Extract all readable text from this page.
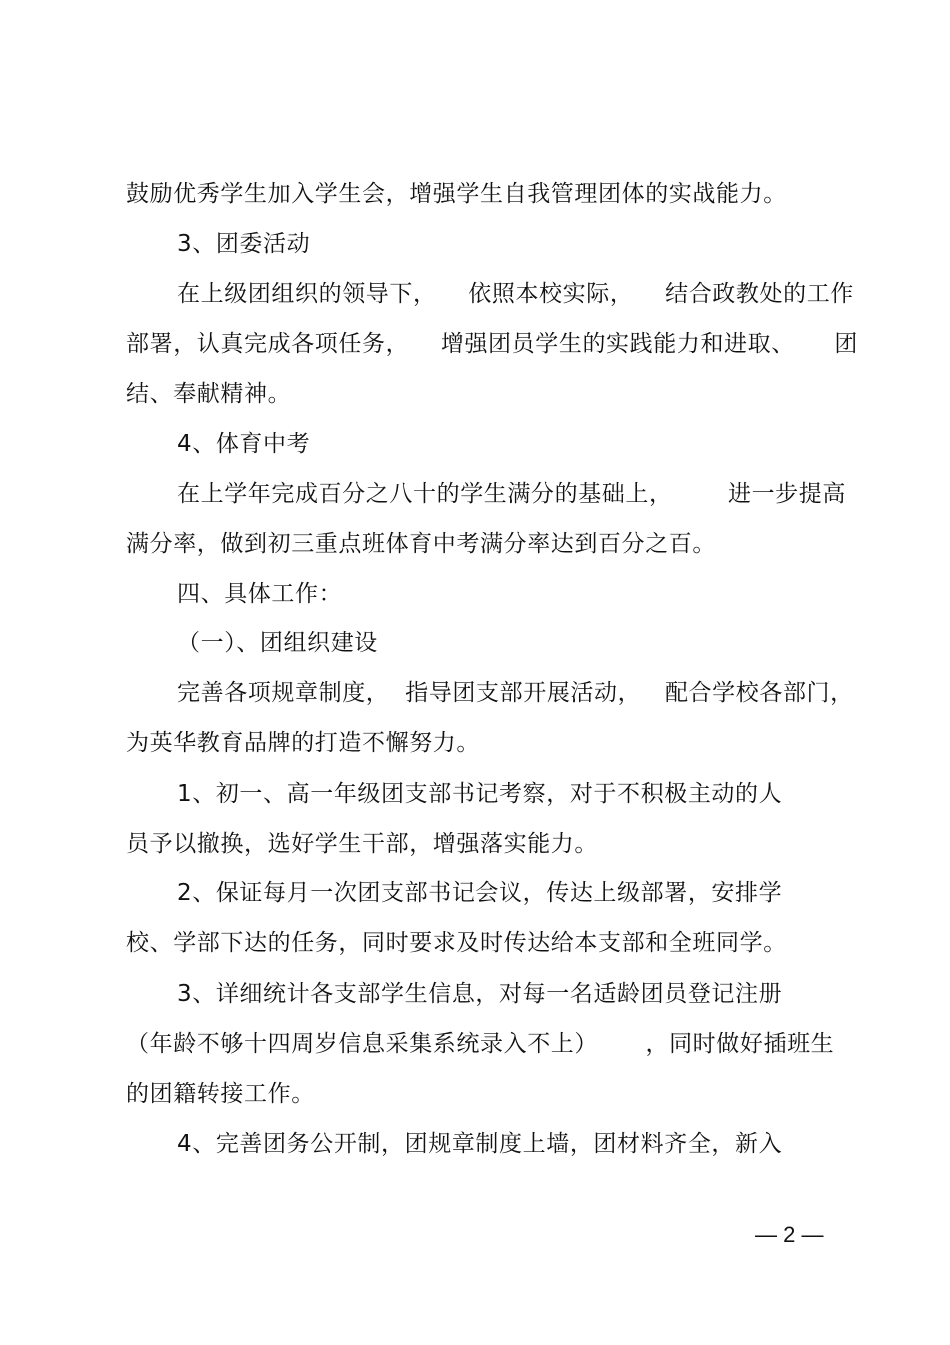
鼓励优秀学生加入学生会，增强学生自我管理团体的实战能力。
3、团委活动
在上级团组织的领导下，    依照本校实际，    结合政教处的工作
部署，认真完成各项任务，    增强团员学生的实践能力和进取、     团
结、奉献精神。
4、体育中考
在上学年完成百分之八十的学生满分的基础上，       进一步提高
满分率，做到初三重点班体育中考满分率达到百分之百。
四、具体工作：
（一）、团组织建设
完善各项规章制度，  指导团支部开展活动，   配合学校各部门，
为英华教育品牌的打造不懈努力。
1、初一、高一年级团支部书记考察，对于不积极主动的人
员予以撤换，选好学生干部，增强落实能力。
2、保证每月一次团支部书记会议，传达上级部署，安排学
校、学部下达的任务，同时要求及时传达给本支部和全班同学。
3、详细统计各支部学生信息，对每一名适龄团员登记注册
（年龄不够十四周岁信息采集系统录入不上）      ，同时做好插班生
的团籍转接工作。
4、完善团务公开制，团规章制度上墙，团材料齐全，新入
— 2 —
